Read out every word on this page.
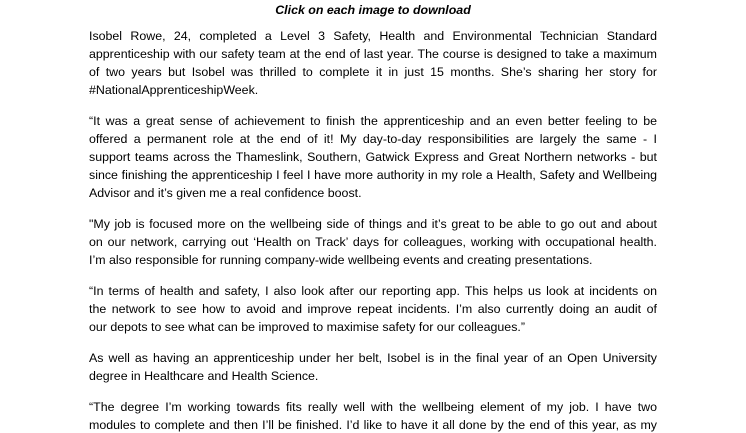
Click on each image to download
Isobel Rowe, 24, completed a Level 3 Safety, Health and Environmental Technician Standard
apprenticeship with our safety team at the end of last year. The course is designed to take a maximum
of two years but Isobel was thrilled to complete it in just 15 months. She’s sharing her story for
#NationalApprenticeshipWeek.
“It was a great sense of achievement to finish the apprenticeship and an even better feeling to be
offered a permanent role at the end of it! My day-to-day responsibilities are largely the same - I
support teams across the Thameslink, Southern, Gatwick Express and Great Northern networks - but
since finishing the apprenticeship I feel I have more authority in my role a Health, Safety and Wellbeing
Advisor and it’s given me a real confidence boost.
"My job is focused more on the wellbeing side of things and it’s great to be able to go out and about
on our network, carrying out ‘Health on Track’ days for colleagues, working with occupational health.
I’m also responsible for running company-wide wellbeing events and creating presentations.
“In terms of health and safety, I also look after our reporting app. This helps us look at incidents on
the network to see how to avoid and improve repeat incidents. I’m also currently doing an audit of
our depots to see what can be improved to maximise safety for our colleagues.”
As well as having an apprenticeship under her belt, Isobel is in the final year of an Open University
degree in Healthcare and Health Science.
“The degree I’m working towards fits really well with the wellbeing element of my job. I have two
modules to complete and then I’ll be finished. I’d like to have it all done by the end of this year, as my
